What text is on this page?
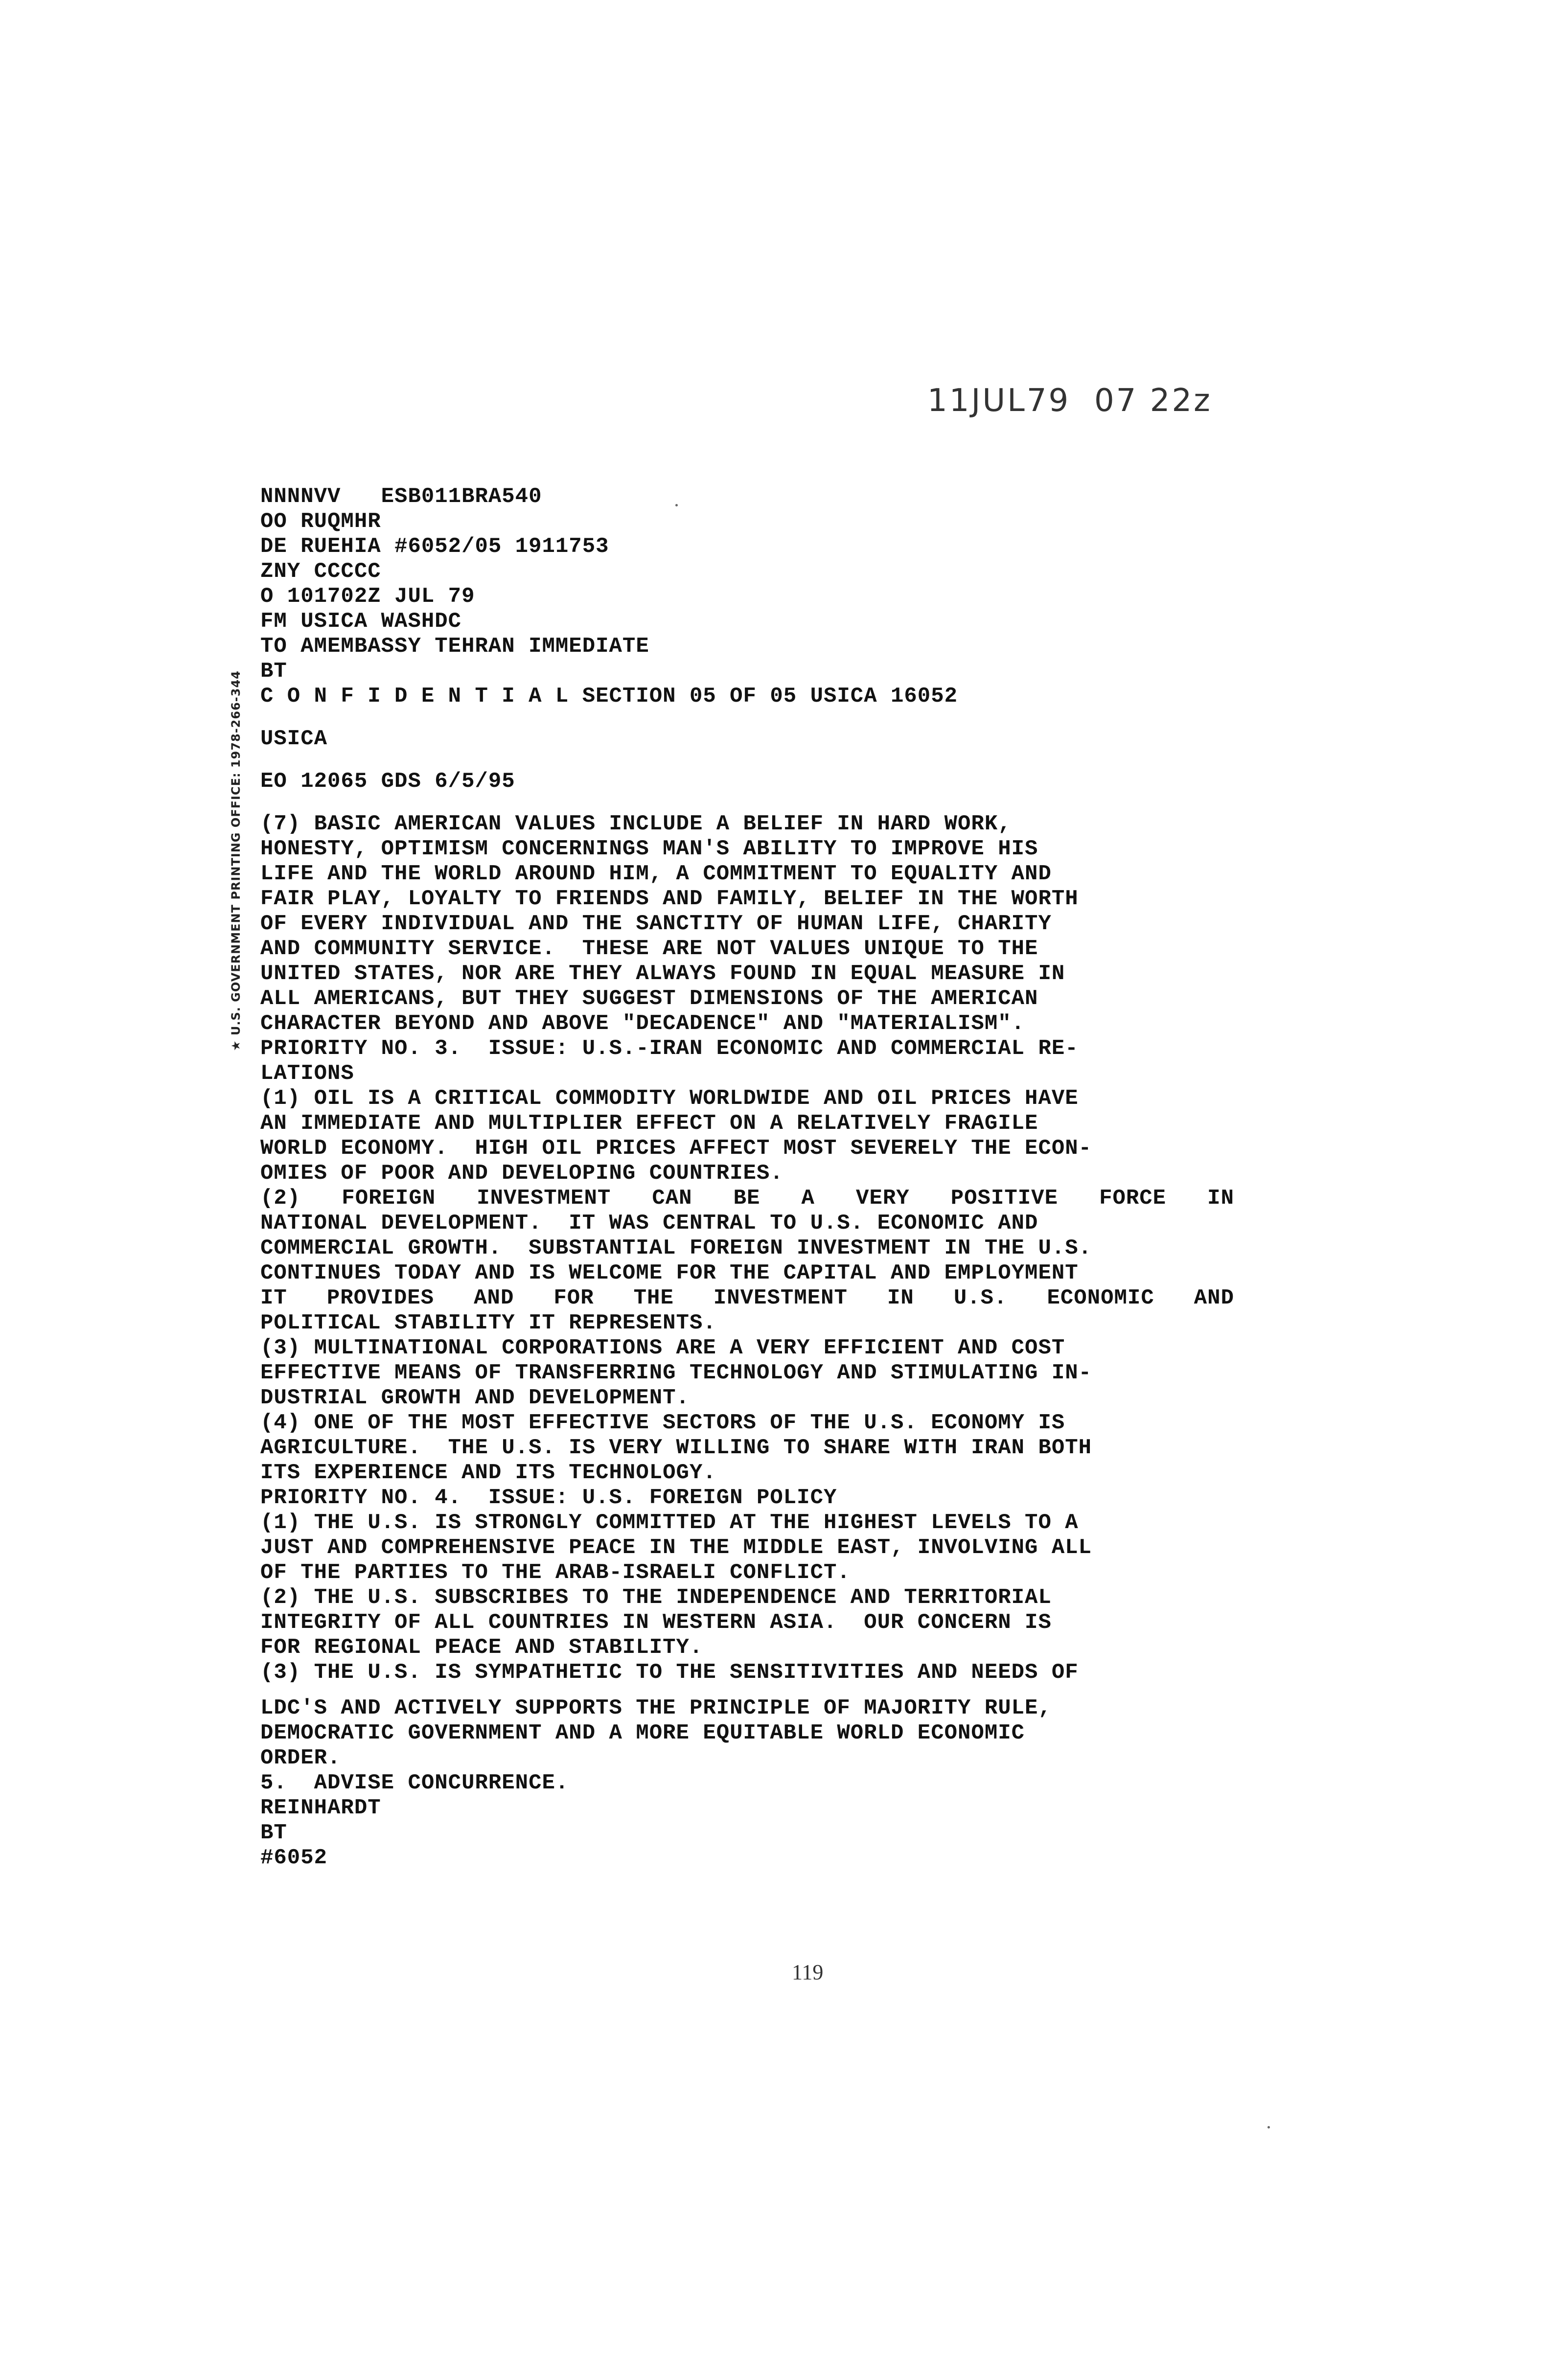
11JUL79  07 22z
★ U.S. GOVERNMENT PRINTING OFFICE: 1978-266-344
NNNNVV   ESB011BRA540
OO RUQMHR
DE RUEHIA #6052/05 1911753
ZNY CCCCC
O 101702Z JUL 79
FM USICA WASHDC
TO AMEMBASSY TEHRAN IMMEDIATE
BT
C O N F I D E N T I A L SECTION 05 OF 05 USICA 16052
USICA
EO 12065 GDS 6/5/95
(7) BASIC AMERICAN VALUES INCLUDE A BELIEF IN HARD WORK,
HONESTY, OPTIMISM CONCERNINGS MAN'S ABILITY TO IMPROVE HIS
LIFE AND THE WORLD AROUND HIM, A COMMITMENT TO EQUALITY AND
FAIR PLAY, LOYALTY TO FRIENDS AND FAMILY, BELIEF IN THE WORTH
OF EVERY INDIVIDUAL AND THE SANCTITY OF HUMAN LIFE, CHARITY
AND COMMUNITY SERVICE.  THESE ARE NOT VALUES UNIQUE TO THE
UNITED STATES, NOR ARE THEY ALWAYS FOUND IN EQUAL MEASURE IN
ALL AMERICANS, BUT THEY SUGGEST DIMENSIONS OF THE AMERICAN
CHARACTER BEYOND AND ABOVE "DECADENCE" AND "MATERIALISM".
PRIORITY NO. 3.  ISSUE: U.S.-IRAN ECONOMIC AND COMMERCIAL RE-
LATIONS
(1) OIL IS A CRITICAL COMMODITY WORLDWIDE AND OIL PRICES HAVE
AN IMMEDIATE AND MULTIPLIER EFFECT ON A RELATIVELY FRAGILE
WORLD ECONOMY.  HIGH OIL PRICES AFFECT MOST SEVERELY THE ECON-
OMIES OF POOR AND DEVELOPING COUNTRIES.
(2) FOREIGN INVESTMENT CAN BE A VERY POSITIVE FORCE IN
NATIONAL DEVELOPMENT.  IT WAS CENTRAL TO U.S. ECONOMIC AND
COMMERCIAL GROWTH.  SUBSTANTIAL FOREIGN INVESTMENT IN THE U.S.
CONTINUES TODAY AND IS WELCOME FOR THE CAPITAL AND EMPLOYMENT
IT PROVIDES AND FOR THE INVESTMENT IN U.S. ECONOMIC AND
POLITICAL STABILITY IT REPRESENTS.
(3) MULTINATIONAL CORPORATIONS ARE A VERY EFFICIENT AND COST
EFFECTIVE MEANS OF TRANSFERRING TECHNOLOGY AND STIMULATING IN-
DUSTRIAL GROWTH AND DEVELOPMENT.
(4) ONE OF THE MOST EFFECTIVE SECTORS OF THE U.S. ECONOMY IS
AGRICULTURE.  THE U.S. IS VERY WILLING TO SHARE WITH IRAN BOTH
ITS EXPERIENCE AND ITS TECHNOLOGY.
PRIORITY NO. 4.  ISSUE: U.S. FOREIGN POLICY
(1) THE U.S. IS STRONGLY COMMITTED AT THE HIGHEST LEVELS TO A
JUST AND COMPREHENSIVE PEACE IN THE MIDDLE EAST, INVOLVING ALL
OF THE PARTIES TO THE ARAB-ISRAELI CONFLICT.
(2) THE U.S. SUBSCRIBES TO THE INDEPENDENCE AND TERRITORIAL
INTEGRITY OF ALL COUNTRIES IN WESTERN ASIA.  OUR CONCERN IS
FOR REGIONAL PEACE AND STABILITY.
(3) THE U.S. IS SYMPATHETIC TO THE SENSITIVITIES AND NEEDS OF
LDC'S AND ACTIVELY SUPPORTS THE PRINCIPLE OF MAJORITY RULE,
DEMOCRATIC GOVERNMENT AND A MORE EQUITABLE WORLD ECONOMIC
ORDER.
5.  ADVISE CONCURRENCE.
REINHARDT
BT
#6052
119
